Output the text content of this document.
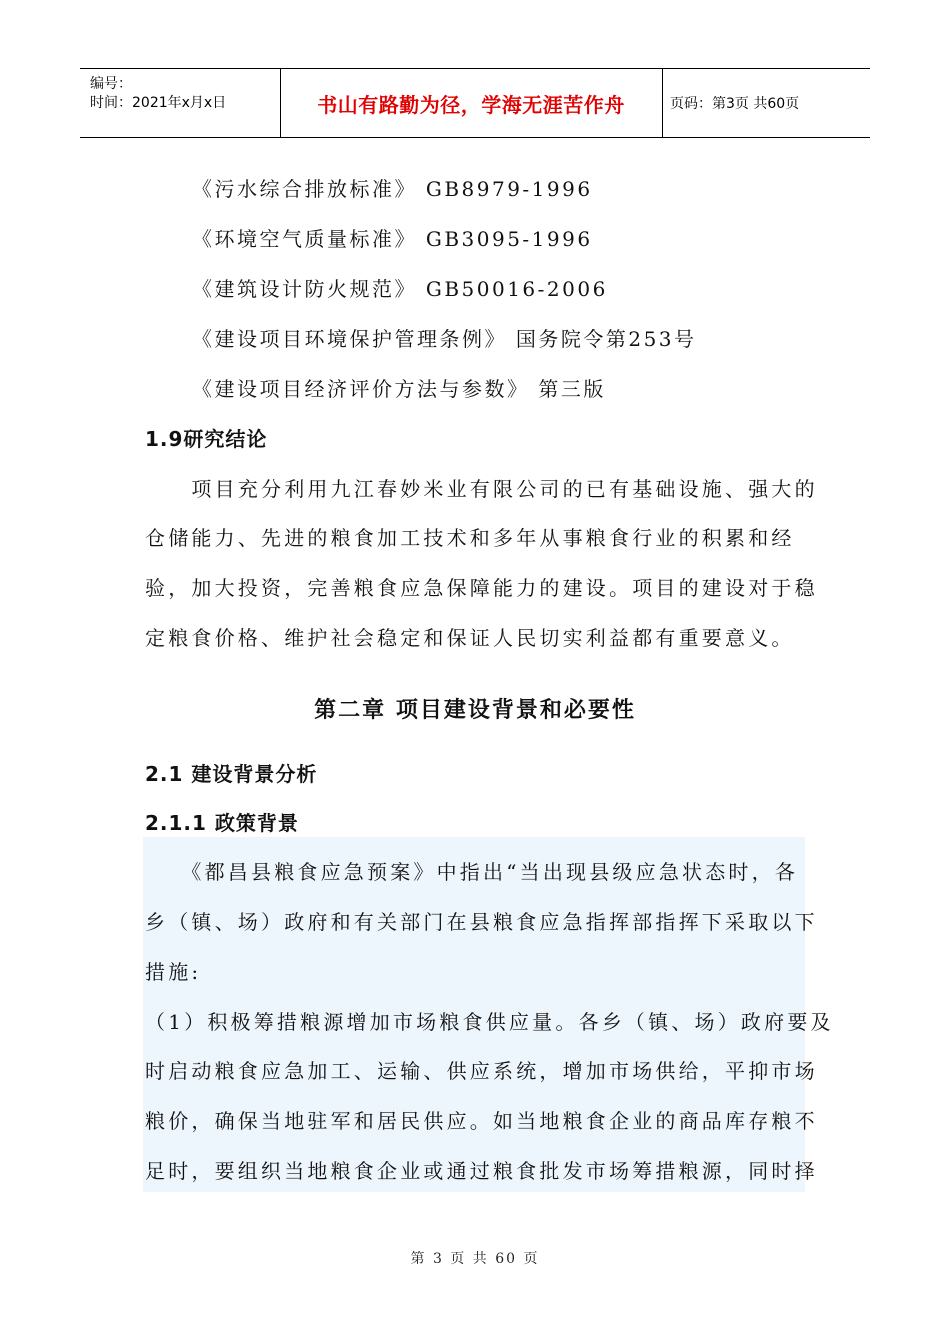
编号：
时间：2021年x月x日	书山有路勤为径，学海无涯苦作舟	页码：第3页 共60页
《污水综合排放标准》 GB8979-1996
《环境空气质量标准》 GB3095-1996
《建筑设计防火规范》 GB50016-2006
《建设项目环境保护管理条例》 国务院令第253号
《建设项目经济评价方法与参数》 第三版
1.9研究结论
　　项目充分利用九江春妙米业有限公司的已有基础设施、强大的
仓储能力、先进的粮食加工技术和多年从事粮食行业的积累和经
验，加大投资，完善粮食应急保障能力的建设。项目的建设对于稳
定粮食价格、维护社会稳定和保证人民切实利益都有重要意义。
第二章 项目建设背景和必要性
2.1 建设背景分析
2.1.1 政策背景
　　《都昌县粮食应急预案》中指出“当出现县级应急状态时，各
乡（镇、场）政府和有关部门在县粮食应急指挥部指挥下采取以下
措施:
（1）积极筹措粮源增加市场粮食供应量。各乡（镇、场）政府要及
时启动粮食应急加工、运输、供应系统，增加市场供给，平抑市场
粮价，确保当地驻军和居民供应。如当地粮食企业的商品库存粮不
足时，要组织当地粮食企业或通过粮食批发市场筹措粮源，同时择
第 3 页 共 60 页
